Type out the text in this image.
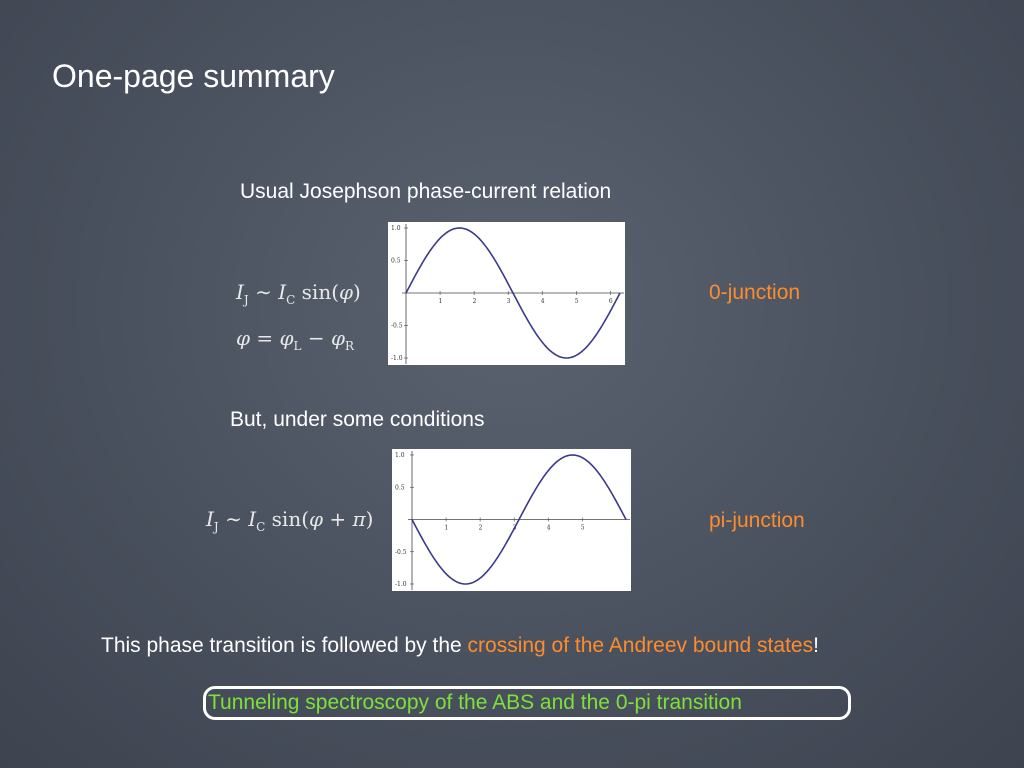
One-page summary
Usual Josephson phase-current relation
$I_J$ ∼ $I_C$ sin(φ)
$\varphi = \varphi_L - \varphi_R$
1	2	3	4	5	6
1.0
0.5
-0.5
-1.0
0-junction
But, under some conditions
$I_J$ ∼ $I_C$ sin(φ + π)	1	2	3	4	5
1.0
0.5
-0.5
-1.0
pi-junction
This phase transition is followed by the crossing of the Andreev bound states!
Tunneling spectroscopy of the ABS and the 0-pi transition
